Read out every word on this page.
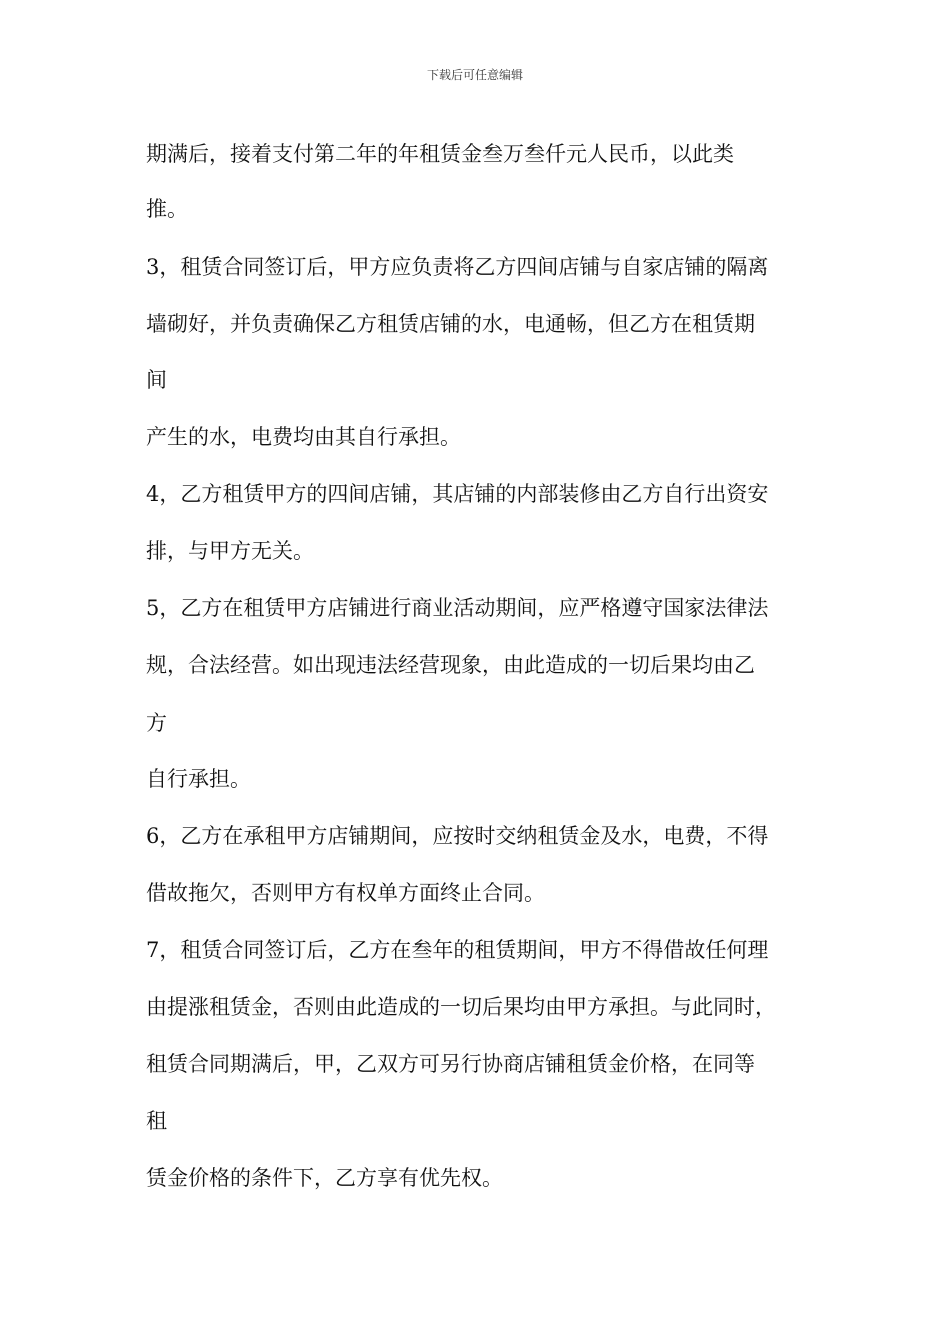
下载后可任意编辑
期满后，接着支付第二年的年租赁金叁万叁仟元人民币，以此类
推。
3，租赁合同签订后，甲方应负责将乙方四间店铺与自家店铺的隔离
墙砌好，并负责确保乙方租赁店铺的水，电通畅，但乙方在租赁期
间
产生的水，电费均由其自行承担。
4，乙方租赁甲方的四间店铺，其店铺的内部装修由乙方自行出资安
排，与甲方无关。
5，乙方在租赁甲方店铺进行商业活动期间，应严格遵守国家法律法
规，合法经营。如出现违法经营现象，由此造成的一切后果均由乙
方
自行承担。
6，乙方在承租甲方店铺期间，应按时交纳租赁金及水，电费，不得
借故拖欠，否则甲方有权单方面终止合同。
7，租赁合同签订后，乙方在叁年的租赁期间，甲方不得借故任何理
由提涨租赁金，否则由此造成的一切后果均由甲方承担。与此同时，
租赁合同期满后，甲，乙双方可另行协商店铺租赁金价格，在同等
租
赁金价格的条件下，乙方享有优先权。
